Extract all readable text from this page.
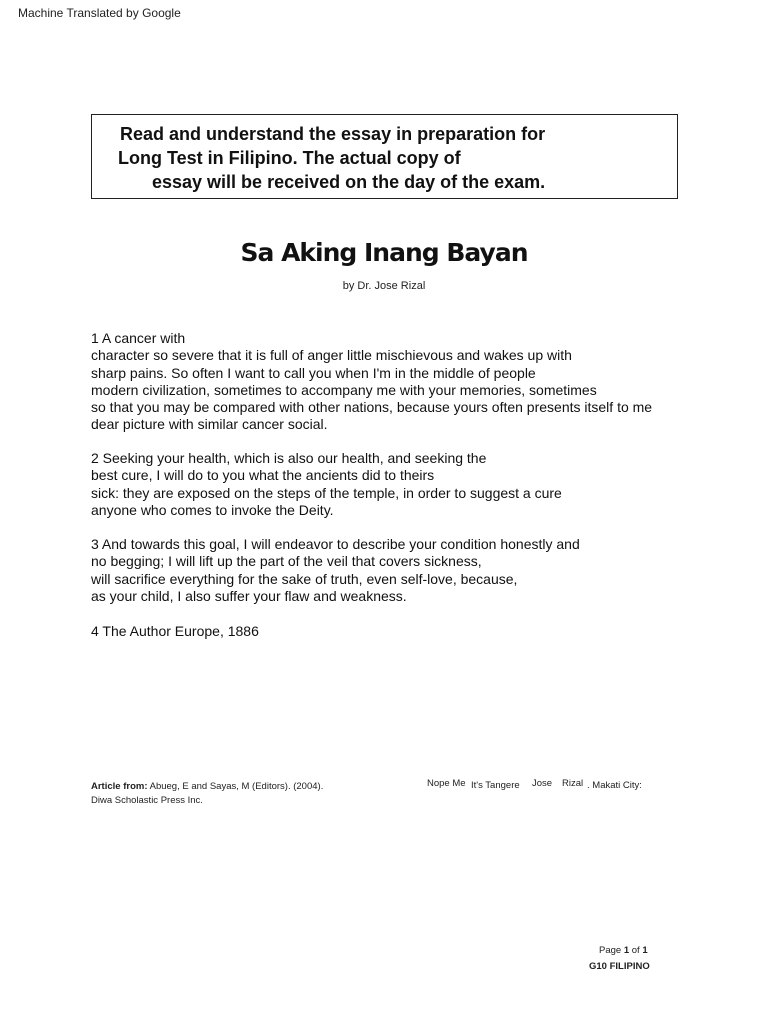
Machine Translated by Google
Read and understand the essay in preparation for
Long Test in Filipino. The actual copy of
essay will be received on the day of the exam.
Sa Aking Inang Bayan
by Dr. Jose Rizal
1 A cancer with
character so severe that it is full of anger little mischievous and wakes up with
sharp pains. So often I want to call you when I'm in the middle of people
modern civilization, sometimes to accompany me with your memories, sometimes
so that you may be compared with other nations, because yours often presents itself to me
dear picture with similar cancer social.
2 Seeking your health, which is also our health, and seeking the
best cure, I will do to you what the ancients did to theirs
sick: they are exposed on the steps of the temple, in order to suggest a cure
anyone who comes to invoke the Deity.
3 And towards this goal, I will endeavor to describe your condition honestly and
no begging; I will lift up the part of the veil that covers sickness,
will sacrifice everything for the sake of truth, even self-love, because,
as your child, I also suffer your flaw and weakness.
4 The Author Europe, 1886
Article from: Abueg, E and Sayas, M (Editors). (2004).
Diwa Scholastic Press Inc.
Nope Me It's Tangere Jose Rizal . Makati City:
Page 1 of 1
G10 FILIPINO
